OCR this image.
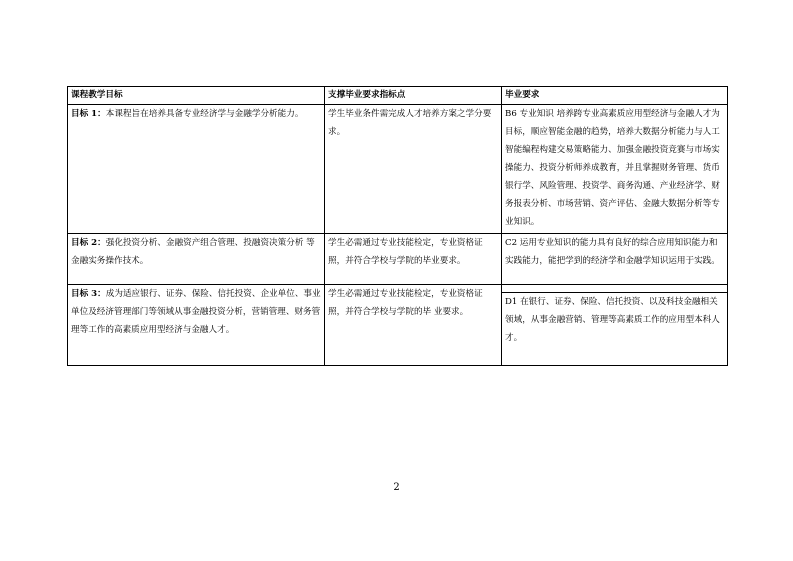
课程教学目标	支撑毕业要求指标点	毕业要求
目标 1：本课程旨在培养具备专业经济学与金融学分析能力。	学生毕业条件需完成人才培养方案之学分要求。	B6 专业知识 培养跨专业高素质应用型经济与金融人才为目标，顺应智能金融的趋势，培养大数据分析能力与人工智能编程构建交易策略能力、加强金融投资竞赛与市场实操能力、投资分析师养成教育，并且掌握财务管理、货币银行学、风险管理、投资学、商务沟通、产业经济学、财务报表分析、市场营销、资产评估、金融大数据分析等专业知识。
目标 2：强化投资分析、金融资产组合管理、投融资决策分析 等金融实务操作技术。	学生必需通过专业技能检定，专业资格证照，并符合学校与学院的毕业要求。	C2 运用专业知识的能力具有良好的综合应用知识能力和实践能力，能把学到的经济学和金融学知识运用于实践。
目标 3：成为适应银行、证券、保险、信托投资、企业单位、事业单位及经济管理部门等领域从事金融投资分析，营销管理、财务管理等工作的高素质应用型经济与金融人才。	学生必需通过专业技能检定，专业资格证照，并符合学校与学院的毕 业要求。	D1 在银行、证券、保险、信托投资、以及科技金融相关领域，从事金融营销、管理等高素质工作的应用型本科人才。
2
